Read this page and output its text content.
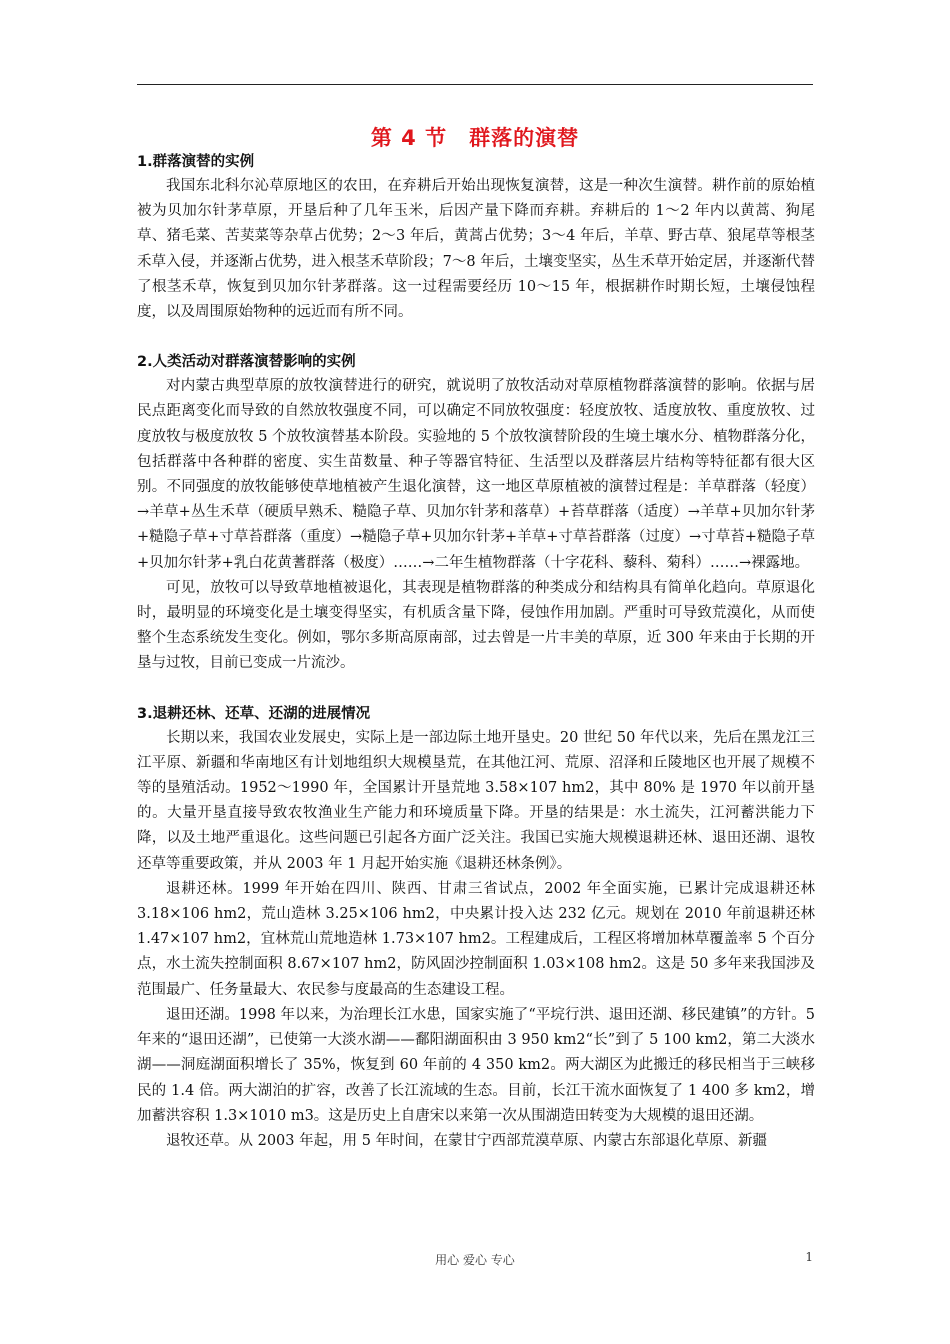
第 4 节　群落的演替

1.群落演替的实例

我国东北科尔沁草原地区的农田，在弃耕后开始出现恢复演替，这是一种次生演替。耕作前的原始植被为贝加尔针茅草原，开垦后种了几年玉米，后因产量下降而弃耕。弃耕后的 1～2 年内以黄蒿、狗尾草、猪毛菜、苦荬菜等杂草占优势；2～3 年后，黄蒿占优势；3～4 年后，羊草、野古草、狼尾草等根茎禾草入侵，并逐渐占优势，进入根茎禾草阶段；7～8 年后，土壤变坚实，丛生禾草开始定居，并逐渐代替了根茎禾草，恢复到贝加尔针茅群落。这一过程需要经历 10～15 年，根据耕作时期长短，土壤侵蚀程度，以及周围原始物种的远近而有所不同。

2.人类活动对群落演替影响的实例

对内蒙古典型草原的放牧演替进行的研究，就说明了放牧活动对草原植物群落演替的影响。依据与居民点距离变化而导致的自然放牧强度不同，可以确定不同放牧强度：轻度放牧、适度放牧、重度放牧、过度放牧与极度放牧 5 个放牧演替基本阶段。实验地的 5 个放牧演替阶段的生境土壤水分、植物群落分化，包括群落中各种群的密度、实生苗数量、种子等器官特征、生活型以及群落层片结构等特征都有很大区别。不同强度的放牧能够使草地植被产生退化演替，这一地区草原植被的演替过程是：羊草群落（轻度）→羊草+丛生禾草（硬质早熟禾、糙隐子草、贝加尔针茅和落草）+苔草群落（适度）→羊草+贝加尔针茅+糙隐子草+寸草苔群落（重度）→糙隐子草+贝加尔针茅+羊草+寸草苔群落（过度）→寸草苔+糙隐子草+贝加尔针茅+乳白花黄蓍群落（极度）……→二年生植物群落（十字花科、藜科、菊科）……→裸露地。

可见，放牧可以导致草地植被退化，其表现是植物群落的种类成分和结构具有简单化趋向。草原退化时，最明显的环境变化是土壤变得坚实，有机质含量下降，侵蚀作用加剧。严重时可导致荒漠化，从而使整个生态系统发生变化。例如，鄂尔多斯高原南部，过去曾是一片丰美的草原，近 300 年来由于长期的开垦与过牧，目前已变成一片流沙。

3.退耕还林、还草、还湖的进展情况

长期以来，我国农业发展史，实际上是一部边际土地开垦史。20 世纪 50 年代以来，先后在黑龙江三江平原、新疆和华南地区有计划地组织大规模垦荒，在其他江河、荒原、沼泽和丘陵地区也开展了规模不等的垦殖活动。1952～1990 年，全国累计开垦荒地 3.58×107 hm2，其中 80% 是 1970 年以前开垦的。大量开垦直接导致农牧渔业生产能力和环境质量下降。开垦的结果是：水土流失，江河蓄洪能力下降，以及土地严重退化。这些问题已引起各方面广泛关注。我国已实施大规模退耕还林、退田还湖、退牧还草等重要政策，并从 2003 年 1 月起开始实施《退耕还林条例》。

退耕还林。1999 年开始在四川、陕西、甘肃三省试点，2002 年全面实施，已累计完成退耕还林 3.18×106 hm2，荒山造林 3.25×106 hm2，中央累计投入达 232 亿元。规划在 2010 年前退耕还林 1.47×107 hm2，宜林荒山荒地造林 1.73×107 hm2。工程建成后，工程区将增加林草覆盖率 5 个百分点，水土流失控制面积 8.67×107 hm2，防风固沙控制面积 1.03×108 hm2。这是 50 多年来我国涉及范围最广、任务量最大、农民参与度最高的生态建设工程。

退田还湖。1998 年以来，为治理长江水患，国家实施了“平垸行洪、退田还湖、移民建镇”的方针。5 年来的“退田还湖”，已使第一大淡水湖——鄱阳湖面积由 3 950 km2“长”到了 5 100 km2，第二大淡水湖——洞庭湖面积增长了 35%，恢复到 60 年前的 4 350 km2。两大湖区为此搬迁的移民相当于三峡移民的 1.4 倍。两大湖泊的扩容，改善了长江流域的生态。目前，长江干流水面恢复了 1 400 多 km2，增加蓄洪容积 1.3×1010 m3。这是历史上自唐宋以来第一次从围湖造田转变为大规模的退田还湖。

退牧还草。从 2003 年起，用 5 年时间，在蒙甘宁西部荒漠草原、内蒙古东部退化草原、新疆

用心 爱心 专心	1
